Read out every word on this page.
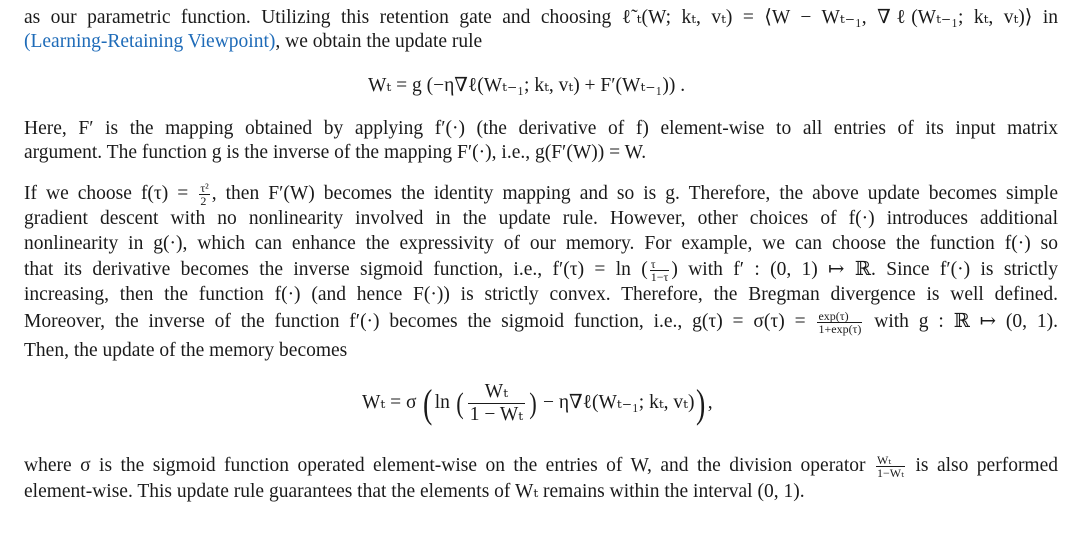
as our parametric function. Utilizing this retention gate and choosing ℓ̃ₜ(W; kₜ, vₜ) = ⟨W − Wₜ₋₁, ∇ℓ(Wₜ₋₁; kₜ, vₜ)⟩ in
(Learning-Retaining Viewpoint), we obtain the update rule
Wₜ = g (−η∇ℓ(Wₜ₋₁; kₜ, vₜ) + F′(Wₜ₋₁)) .
Here, F′ is the mapping obtained by applying f′(·) (the derivative of f) element-wise to all entries of its input matrix
argument. The function g is the inverse of the mapping F′(·), i.e., g(F′(W)) = W.
If we choose $f(\tau) = \frac{\text{τ²}}{2}$ , then F′(W) becomes the identity mapping and so is g. Therefore, the above update becomes simple
gradient descent with no nonlinearity involved in the update rule. However, other choices of f(·) introduces additional
nonlinearity in g(·), which can enhance the expressivity of our memory. For example, we can choose the function f(·) so
that its derivative becomes the inverse sigmoid function, i.e., f′(τ) = ln ( $\frac{\tau}{1-\tau}$ ) with f′ : (0, 1) ↦ ℝ. Since f′(·) is strictly
increasing, then the function f(·) (and hence F(·)) is strictly convex. Therefore, the Bregman divergence is well defined.
Moreover, the inverse of the function f′(·) becomes the sigmoid function, i.e., $g(\tau) = \sigma(\tau) = \frac{\exp(\tau)}{1+\exp(\tau)}$ with g : ℝ ↦ (0, 1).
Then, the update of the memory becomes
Wₜ = σ ( ln ( $\frac{\text{Wₜ}}{\text{1 − Wₜ}}$ ) − η∇ℓ(Wₜ₋₁; kₜ, vₜ)) ,
where σ is the sigmoid function operated element-wise on the entries of W, and the division operator $\frac{\text{Wₜ}}{\text{1−Wₜ}}$ is also performed
element-wise. This update rule guarantees that the elements of Wₜ remains within the interval (0, 1).
